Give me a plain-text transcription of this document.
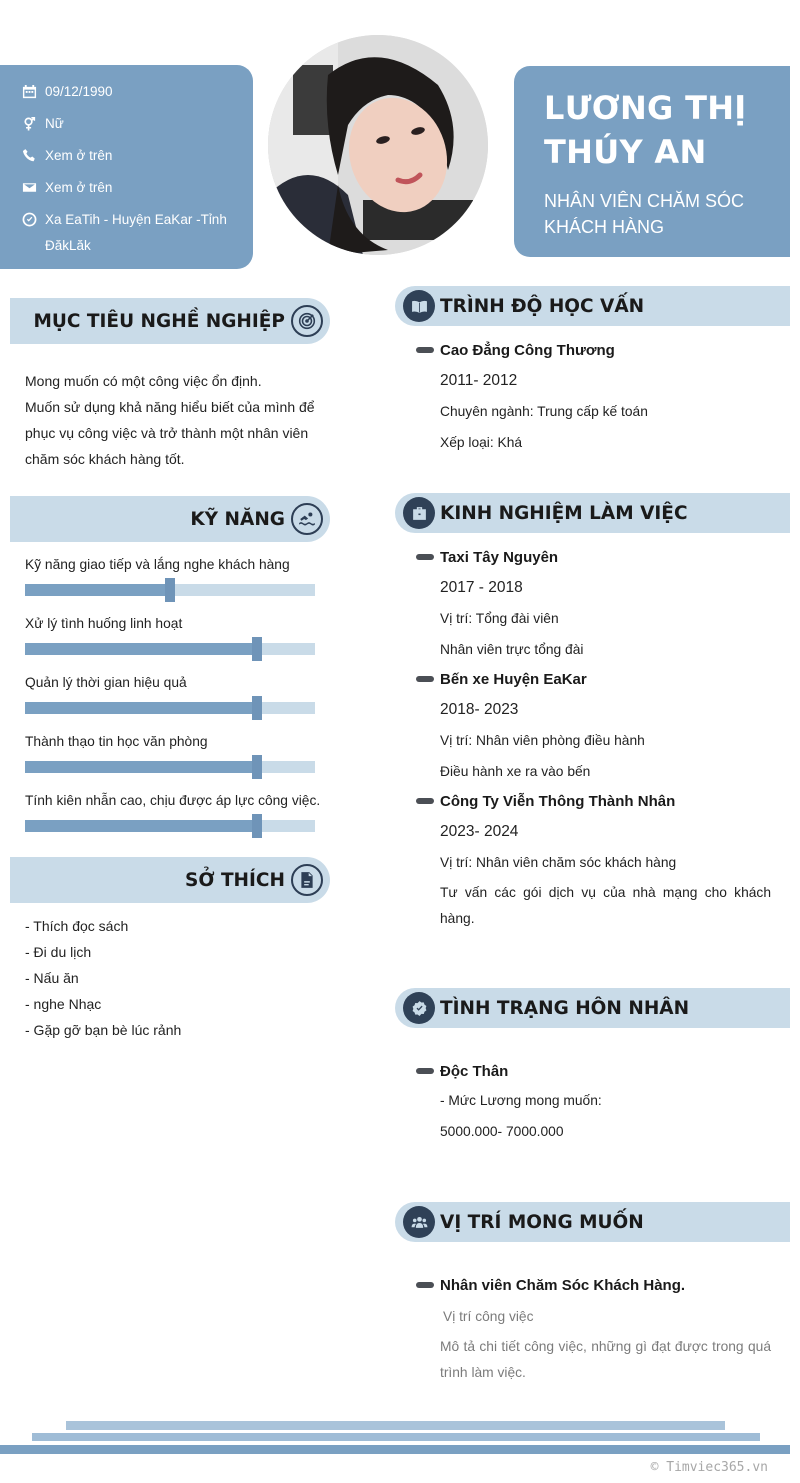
09/12/1990
Nữ
Xem ở trên
Xem ở trên
Xa EaTih - Huyện EaKar -Tỉnh ĐăkLăk
LƯƠNG THỊ THÚY AN
NHÂN VIÊN CHĂM SÓC KHÁCH HÀNG
MỤC TIÊU NGHỀ NGHIỆP
Mong muốn có một công việc ổn định.
Muốn sử dụng khả năng hiểu biết của mình để phục vụ công việc và trở thành một nhân viên chăm sóc khách hàng tốt.
KỸ NĂNG
Kỹ năng giao tiếp và lắng nghe khách hàng
Xử lý tình huống linh hoạt
Quản lý thời gian hiệu quả
Thành thạo tin học văn phòng
Tính kiên nhẫn cao, chịu được áp lực công việc.
SỞ THÍCH
- Thích đọc sách
- Đi du lịch
- Nấu ăn
- nghe Nhạc
- Gặp gỡ bạn bè lúc rảnh
TRÌNH ĐỘ HỌC VẤN
Cao Đẳng Công Thương
2011- 2012
Chuyên ngành: Trung cấp kế toán
Xếp loại: Khá
KINH NGHIỆM LÀM VIỆC
Taxi Tây Nguyên
2017 - 2018
Vị trí: Tổng đài viên
Nhân viên trực tổng đài
Bến xe Huyện EaKar
2018- 2023
Vị trí: Nhân viên phòng điều hành
Điều hành xe ra vào bến
Công Ty Viễn Thông Thành Nhân
2023- 2024
Vị trí: Nhân viên chăm sóc khách hàng
Tư vấn các gói dịch vụ của nhà mạng cho khách hàng.
TÌNH TRẠNG HÔN NHÂN
Độc Thân
- Mức Lương mong muốn:
5000.000- 7000.000
VỊ TRÍ MONG MUỐN
Nhân viên Chăm Sóc Khách Hàng.
Vị trí công việc
Mô tả chi tiết công việc, những gì đạt được trong quá trình làm việc.
© Timviec365.vn
